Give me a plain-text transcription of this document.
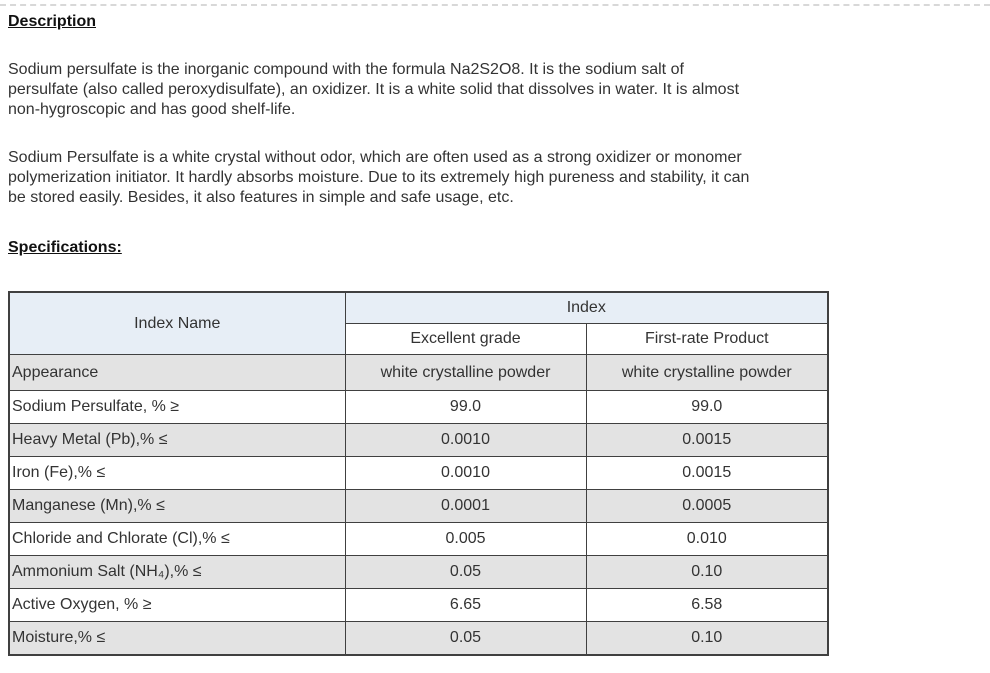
Description
Sodium persulfate is the inorganic compound with the formula Na2S2O8. It is the sodium salt of
persulfate (also called peroxydisulfate), an oxidizer. It is a white solid that dissolves in water. It is almost
non-hygroscopic and has good shelf-life.
Sodium Persulfate is a white crystal without odor, which are often used as a strong oxidizer or monomer
polymerization initiator. It hardly absorbs moisture. Due to its extremely high pureness and stability, it can
be stored easily. Besides, it also features in simple and safe usage, etc.
Specifications:
Index Name	Index	
	Excellent grade	First-rate Product
Appearance	white crystalline powder	white crystalline powder
Sodium Persulfate, % ≥	99.0	99.0
Heavy Metal (Pb),% ≤	0.0010	0.0015
Iron (Fe),% ≤	0.0010	0.0015
Manganese (Mn),% ≤	0.0001	0.0005
Chloride and Chlorate (Cl),% ≤	0.005	0.010
Ammonium Salt (NH₄),% ≤	0.05	0.10
Active Oxygen, % ≥	6.65	6.58
Moisture,% ≤	0.05	0.10
